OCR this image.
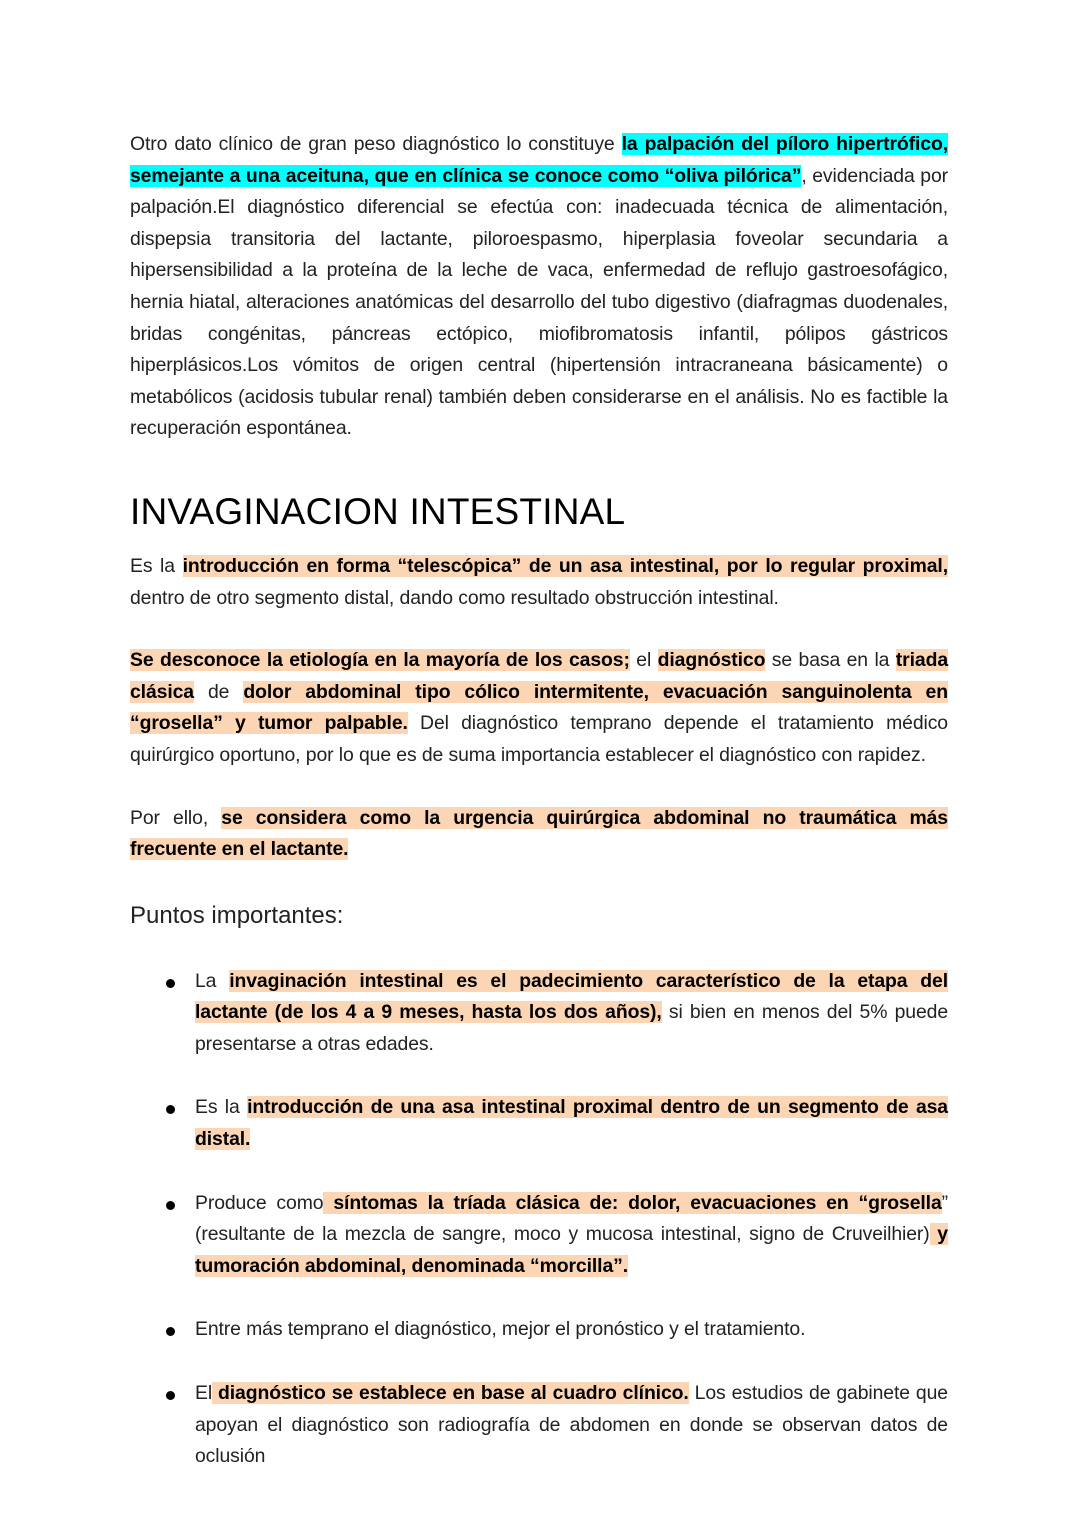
Otro dato clínico de gran peso diagnóstico lo constituye la palpación del píloro hipertrófico, semejante a una aceituna, que en clínica se conoce como “oliva pilórica”, evidenciada por palpación.El diagnóstico diferencial se efectúa con: inadecuada técnica de alimentación, dispepsia transitoria del lactante, piloroespasmo, hiperplasia foveolar secundaria a hipersensibilidad a la proteína de la leche de vaca, enfermedad de reflujo gastroesofágico, hernia hiatal, alteraciones anatómicas del desarrollo del tubo digestivo (diafragmas duodenales, bridas congénitas, páncreas ectópico, miofibromatosis infantil, pólipos gástricos hiperplásicos.Los vómitos de origen central (hipertensión intracraneana básicamente) o metabólicos (acidosis tubular renal) también deben considerarse en el análisis. No es factible la recuperación espontánea.

INVAGINACION INTESTINAL

Es la introducción en forma “telescópica” de un asa intestinal, por lo regular proximal, dentro de otro segmento distal, dando como resultado obstrucción intestinal.

Se desconoce la etiología en la mayoría de los casos; el diagnóstico se basa en la triada clásica de dolor abdominal tipo cólico intermitente, evacuación sanguinolenta en “grosella” y tumor palpable. Del diagnóstico temprano depende el tratamiento médico quirúrgico oportuno, por lo que es de suma importancia establecer el diagnóstico con rapidez.

Por ello, se considera como la urgencia quirúrgica abdominal no traumática más frecuente en el lactante.

Puntos importantes:

La invaginación intestinal es el padecimiento característico de la etapa del lactante (de los 4 a 9 meses, hasta los dos años), si bien en menos del 5% puede presentarse a otras edades.

Es la introducción de una asa intestinal proximal dentro de un segmento de asa distal.

Produce como síntomas la tríada clásica de: dolor, evacuaciones en “grosella” (resultante de la mezcla de sangre, moco y mucosa intestinal, signo de Cruveilhier) y tumoración abdominal, denominada “morcilla”.

Entre más temprano el diagnóstico, mejor el pronóstico y el tratamiento.

El diagnóstico se establece en base al cuadro clínico. Los estudios de gabinete que apoyan el diagnóstico son radiografía de abdomen en donde se observan datos de oclusión
